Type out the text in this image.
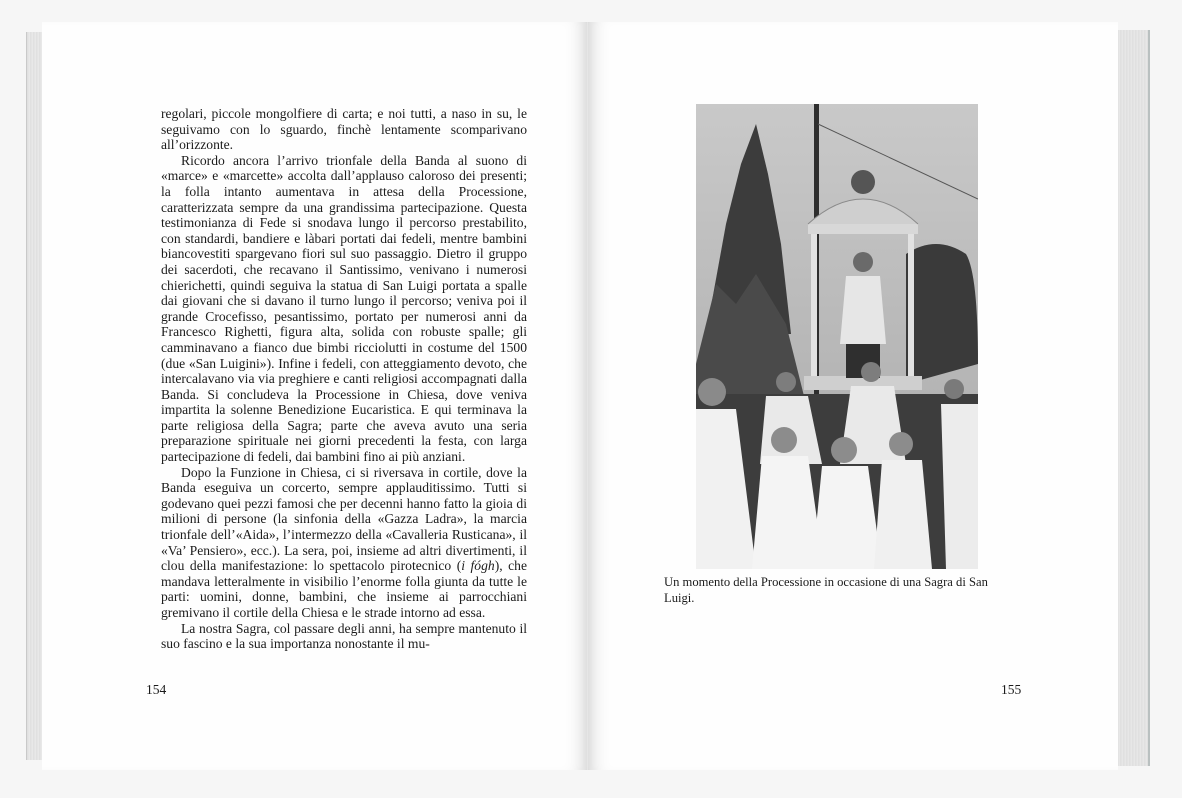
regolari, piccole mongolfiere di carta; e noi tutti, a naso in su, le seguivamo con lo sguardo, finchè lentamente scomparivano all’orizzonte.

Ricordo ancora l’arrivo trionfale della Banda al suono di «marce» e «marcette» accolta dall’applauso caloroso dei presenti; la folla intanto aumentava in attesa della Processione, caratterizzata sempre da una grandissima partecipazione. Questa testimonianza di Fede si snodava lungo il percorso prestabilito, con standardi, bandiere e làbari portati dai fedeli, mentre bambini biancovestiti spargevano fiori sul suo passaggio. Dietro il gruppo dei sacerdoti, che recavano il Santissimo, venivano i numerosi chierichetti, quindi seguiva la statua di San Luigi portata a spalle dai giovani che si davano il turno lungo il percorso; veniva poi il grande Crocefisso, pesantissimo, portato per numerosi anni da Francesco Righetti, figura alta, solida con robuste spalle; gli camminavano a fianco due bimbi ricciolutti in costume del 1500 (due «San Luigini»). Infine i fedeli, con atteggiamento devoto, che intercalavano via via preghiere e canti religiosi accompagnati dalla Banda. Si concludeva la Processione in Chiesa, dove veniva impartita la solenne Benedizione Eucaristica. E qui terminava la parte religiosa della Sagra; parte che aveva avuto una seria preparazione spirituale nei giorni precedenti la festa, con larga partecipazione di fedeli, dai bambini fino ai più anziani.

Dopo la Funzione in Chiesa, ci si riversava in cortile, dove la Banda eseguiva un corcerto, sempre applauditissimo. Tutti si godevano quei pezzi famosi che per decenni hanno fatto la gioia di milioni di persone (la sinfonia della «Gazza Ladra», la marcia trionfale dell’«Aida», l’intermezzo della «Cavalleria Rusticana», il «Va’ Pensiero», ecc.). La sera, poi, insieme ad altri divertimenti, il clou della manifestazione: lo spettacolo pirotecnico (i fógh), che mandava letteralmente in visibilio l’enorme folla giunta da tutte le parti: uomini, donne, bambini, che insieme ai parrocchiani gremivano il cortile della Chiesa e le strade intorno ad essa.

La nostra Sagra, col passare degli anni, ha sempre mantenuto il suo fascino e la sua importanza nonostante il mu-

154
Un momento della Processione in occasione di una Sagra di San Luigi.
155
